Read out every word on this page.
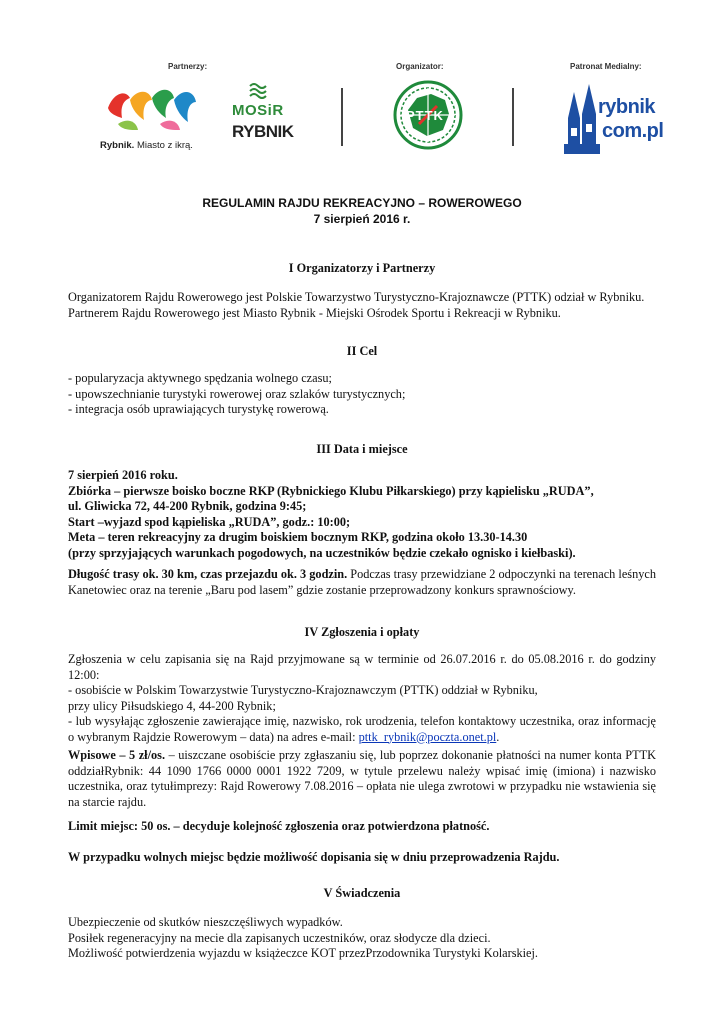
Partnerzy:	Organizator:	Patronat Medialny:
Rybnik. Miasto z ikrą.
MOSiR
RYBNIK
PTTK	rybnik
com.pl
REGULAMIN RAJDU REKREACYJNO – ROWEROWEGO
7 sierpień 2016 r.
I Organizatorzy i Partnerzy
Organizatorem Rajdu Rowerowego jest Polskie Towarzystwo Turystyczno-Krajoznawcze (PTTK) odział w Rybniku.
Partnerem Rajdu Rowerowego jest Miasto Rybnik - Miejski Ośrodek Sportu i Rekreacji w Rybniku.
II Cel
- popularyzacja aktywnego spędzania wolnego czasu;
- upowszechnianie turystyki rowerowej oraz szlaków turystycznych;
- integracja osób uprawiających turystykę rowerową.
III Data i miejsce
7 sierpień 2016 roku.
Zbiórka – pierwsze boisko boczne RKP (Rybnickiego Klubu Piłkarskiego) przy kąpielisku „RUDA”,
ul. Gliwicka 72, 44-200 Rybnik, godzina 9:45;
Start –wyjazd spod kąpieliska „RUDA”, godz.: 10:00;
Meta – teren rekreacyjny za drugim boiskiem bocznym RKP, godzina około 13.30-14.30
(przy sprzyjających warunkach pogodowych, na uczestników będzie czekało ognisko i kiełbaski).
Długość trasy ok. 30 km, czas przejazdu ok. 3 godzin. Podczas trasy przewidziane 2 odpoczynki na terenach leśnych Kanetowiec oraz na terenie „Baru pod lasem” gdzie zostanie przeprowadzony konkurs sprawnościowy.
IV Zgłoszenia i opłaty
Zgłoszenia w celu zapisania się na Rajd przyjmowane są w terminie od 26.07.2016 r. do 05.08.2016 r. do godziny 12:00:
- osobiście w Polskim Towarzystwie Turystyczno-Krajoznawczym (PTTK) oddział w Rybniku,
przy ulicy Piłsudskiego 4, 44-200 Rybnik;
- lub wysyłając zgłoszenie zawierające imię, nazwisko, rok urodzenia, telefon kontaktowy uczestnika, oraz informację o wybranym Rajdzie Rowerowym – data) na adres e-mail: pttk_rybnik@poczta.onet.pl.
Wpisowe – 5 zł/os. – uiszczane osobiście przy zgłaszaniu się, lub poprzez dokonanie płatności na numer konta PTTK oddziałRybnik: 44 1090 1766 0000 0001 1922 7209, w tytule przelewu należy wpisać imię (imiona) i nazwisko uczestnika, oraz tytułimprezy: Rajd Rowerowy 7.08.2016 – opłata nie ulega zwrotowi w przypadku nie wstawienia się na starcie rajdu.
Limit miejsc: 50 os. – decyduje kolejność zgłoszenia oraz potwierdzona płatność.
W przypadku wolnych miejsc będzie możliwość dopisania się w dniu przeprowadzenia Rajdu.
V Świadczenia
Ubezpieczenie od skutków nieszczęśliwych wypadków.
Posiłek regeneracyjny na mecie dla zapisanych uczestników, oraz słodycze dla dzieci.
Możliwość potwierdzenia wyjazdu w książeczce KOT przezPrzodownika Turystyki Kolarskiej.
